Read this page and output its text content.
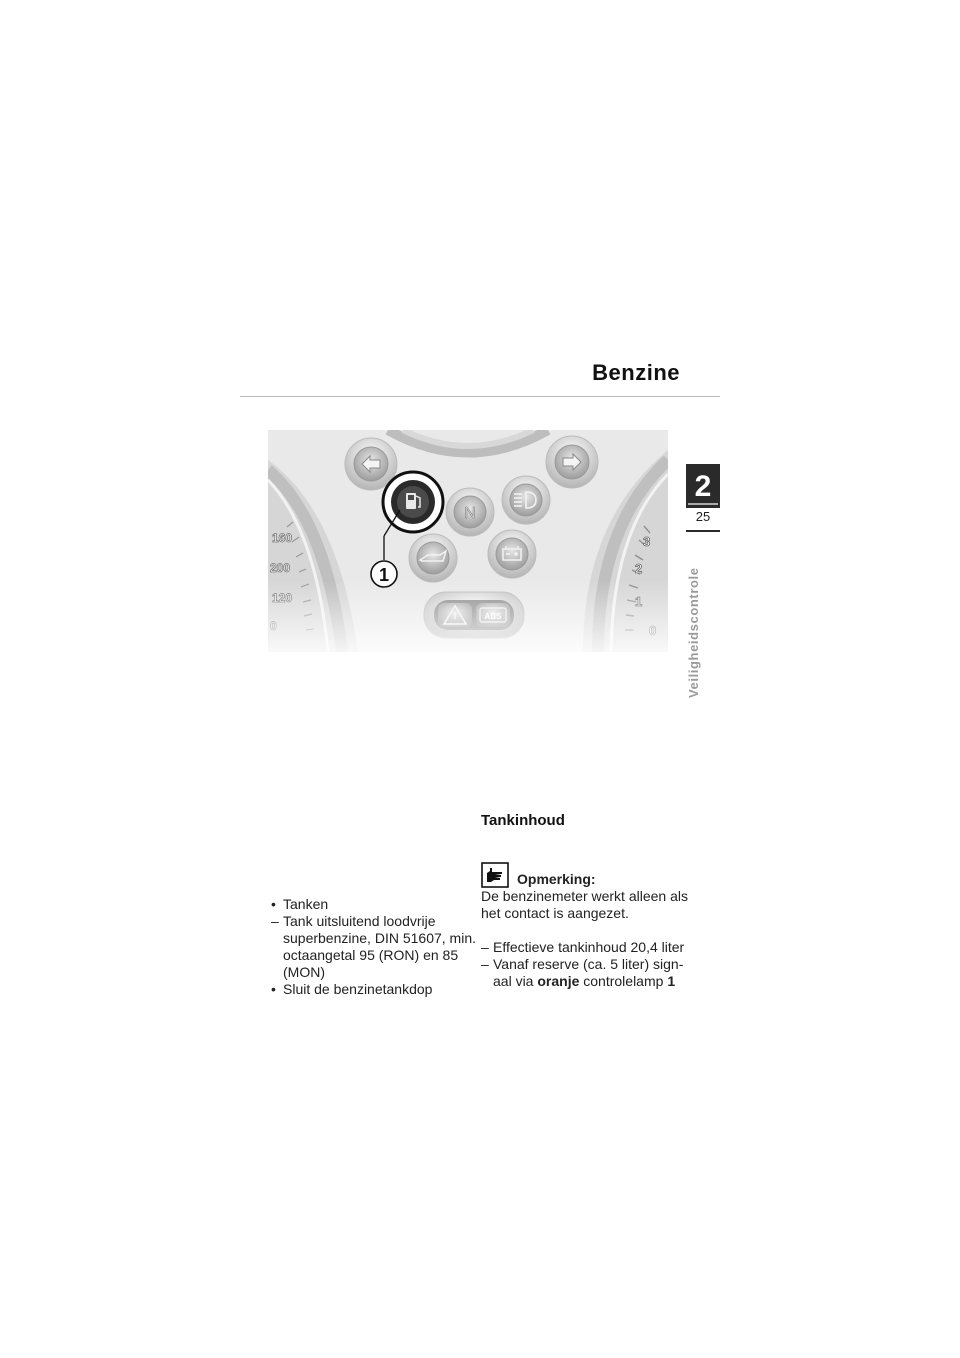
Benzine
2
25
Veiligheidscontrole
200
160
2
3
N
1
• Tanken
– Tank uitsluitend loodvrije superbenzine, DIN 51607, min. octaangetal 95 (RON) en 85 (MON)
• Sluit de benzinetankdop
Tankinhoud
Opmerking:
De benzinemeter werkt alleen als het contact is aangezet.
– Effectieve tankinhoud 20,4 liter
– Vanaf reserve (ca. 5 liter) sign-aal via oranje controlelamp 1
